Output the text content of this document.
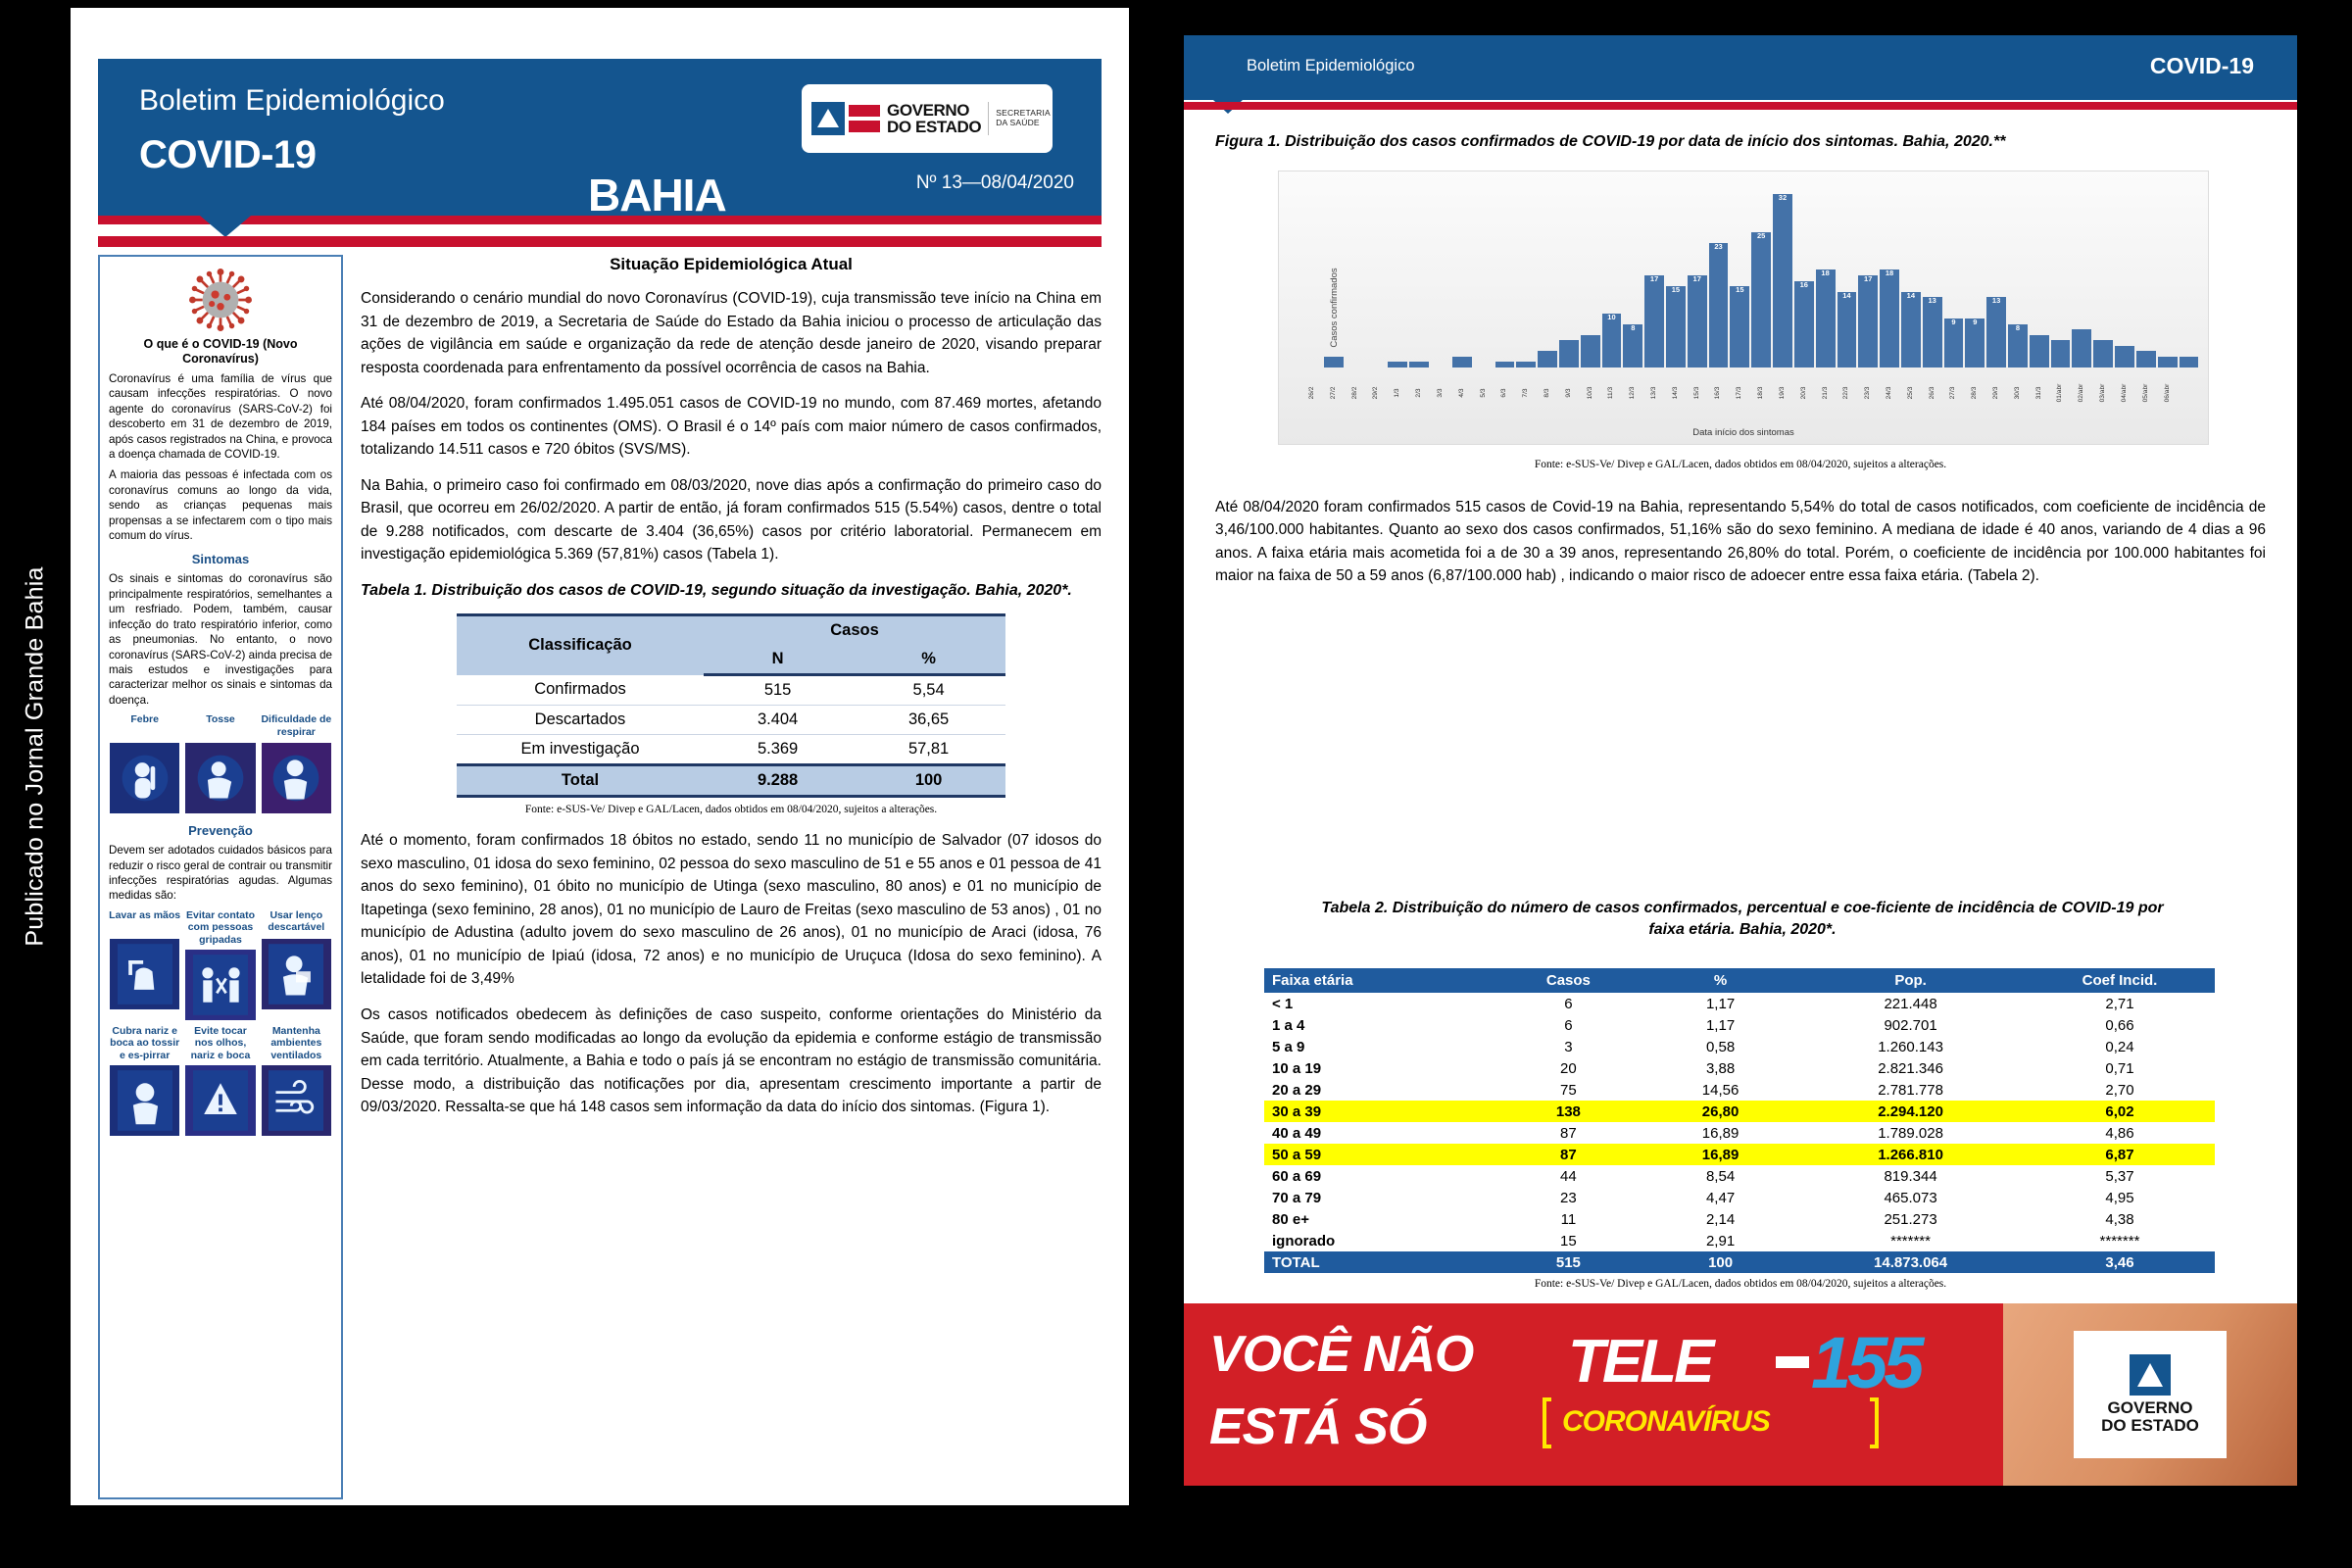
Publicado no Jornal Grande Bahia
Boletim Epidemiológico
COVID-19
BAHIA
GOVERNO
DO ESTADO
SECRETARIA
DA SAÚDE
Nº 13—08/04/2020
O que é o COVID-19 (Novo Coronavírus)
Coronavírus é uma família de vírus que causam infecções respiratórias. O novo agente do coronavírus (SARS-CoV-2) foi descoberto em 31 de dezembro de 2019, após casos registrados na China, e provoca a doença chamada de COVID-19.
A maioria das pessoas é infectada com os coronavírus comuns ao longo da vida, sendo as crianças pequenas mais propensas a se infectarem com o tipo mais comum do vírus.
Sintomas
Os sinais e sintomas do coronavírus são principalmente respiratórios, semelhantes a um resfriado. Podem, também, causar infecção do trato respiratório inferior, como as pneumonias. No entanto, o novo coronavírus (SARS-CoV-2) ainda precisa de mais estudos e investigações para caracterizar melhor os sinais e sintomas da doença.
Febre	Tosse	Dificuldade de respirar
Prevenção
Devem ser adotados cuidados básicos para reduzir o risco geral de contrair ou transmitir infecções respiratórias agudas. Algumas medidas são:
Lavar as mãos Evitar contato com pessoas gripadas
Usar lenço descartável
Cubra nariz e boca ao tossir e es-pirrar
Evite tocar nos olhos, nariz e boca
Mantenha ambientes ventilados
Situação Epidemiológica Atual
Considerando o cenário mundial do novo Coronavírus (COVID-19), cuja transmissão teve início na China em 31 de dezembro de 2019, a Secretaria de Saúde do Estado da Bahia iniciou o processo de articulação das ações de vigilância em saúde e organização da rede de atenção desde janeiro de 2020, visando preparar resposta coordenada para enfrentamento da possível ocorrência de casos na Bahia.
Até 08/04/2020, foram confirmados 1.495.051 casos de COVID-19 no mundo, com 87.469 mortes, afetando 184 países em todos os continentes (OMS). O Brasil é o 14º país com maior número de casos confirmados, totalizando 14.511 casos e 720 óbitos (SVS/MS).
Na Bahia, o primeiro caso foi confirmado em 08/03/2020, nove dias após a confirmação do primeiro caso do Brasil, que ocorreu em 26/02/2020. A partir de então, já foram confirmados 515 (5.54%) casos, dentre o total de 9.288 notificados, com descarte de 3.404 (36,65%) casos por critério laboratorial. Permanecem em investigação epidemiológica 5.369 (57,81%) casos (Tabela 1).
Tabela 1. Distribuição dos casos de COVID-19, segundo situação da investigação. Bahia, 2020*.
Classificação	Casos	
	N	%
Confirmados	515	5,54
Descartados	3.404	36,65
Em investigação	5.369	57,81
Total	9.288	100
Fonte: e-SUS-Ve/ Divep e GAL/Lacen, dados obtidos em 08/04/2020, sujeitos a alterações.
Até o momento, foram confirmados 18 óbitos no estado, sendo 11 no município de Salvador (07 idosos do sexo masculino, 01 idosa do sexo feminino, 02 pessoa do sexo masculino de 51 e 55 anos e 01 pessoa de 41 anos do sexo feminino), 01 óbito no município de Utinga (sexo masculino, 80 anos) e 01 no município de Itapetinga (sexo feminino, 28 anos), 01 no município de Lauro de Freitas (sexo masculino de 53 anos) , 01 no município de Adustina (adulto jovem do sexo masculino de 26 anos), 01 no município de Araci (idosa, 76 anos), 01 no município de Ipiaú (idosa, 72 anos) e no município de Uruçuca (Idosa do sexo feminino). A letalidade foi de 3,49%
Os casos notificados obedecem às definições de caso suspeito, conforme orientações do Ministério da Saúde, que foram sendo modificadas ao longo da evolução da epidemia e conforme estágio de transmissão em cada território. Atualmente, a Bahia e todo o país já se encontram no estágio de transmissão comunitária. Desse modo, a distribuição das notificações por dia, apresentam crescimento importante a partir de 09/03/2020. Ressalta-se que há 148 casos sem informação da data do início dos sintomas. (Figura 1).
Boletim Epidemiológico	COVID-19
Figura 1. Distribuição dos casos confirmados de COVID-19 por data de início dos sintomas. Bahia, 2020.**
Casos confirmados	10
8
17
15
17
23
15
25
32
16
18
14
17
18
14
13
9 9
13
8
26/2	27/2	28/2	29/2	1/3	2/3	3/3	4/3	5/3	6/3	7/3	8/3	9/3	10/3	11/3	12/3	13/3	14/3	15/3	16/3	17/3	18/3	19/3	20/3	21/3	22/3	23/3	24/3	25/3	26/3	27/3	28/3	29/3	30/3	31/3	01/abr	02/abr	03/abr	04/abr	05/abr	06/abr
Data início dos sintomas
Fonte: e-SUS-Ve/ Divep e GAL/Lacen, dados obtidos em 08/04/2020, sujeitos a alterações.
Até 08/04/2020 foram confirmados 515 casos de Covid-19 na Bahia, representando 5,54% do total de casos notificados, com coeficiente de incidência de 3,46/100.000 habitantes. Quanto ao sexo dos casos confirmados, 51,16% são do sexo feminino. A mediana de idade é 40 anos, variando de 4 dias a 96 anos. A faixa etária mais acometida foi a de 30 a 39 anos, representando 26,80% do total. Porém, o coeficiente de incidência por 100.000 habitantes foi maior na faixa de 50 a 59 anos (6,87/100.000 hab) , indicando o maior risco de adoecer entre essa faixa etária. (Tabela 2).
Tabela 2. Distribuição do número de casos confirmados, percentual e coe-ficiente de incidência de COVID-19 por faixa etária. Bahia, 2020*.
Faixa etária	Casos	%	Pop.	Coef Incid.
< 1	6	1,17	221.448	2,71
1 a 4	6	1,17	902.701	0,66
5 a 9	3	0,58	1.260.143	0,24
10 a 19	20	3,88	2.821.346	0,71
20 a 29	75	14,56	2.781.778	2,70
30 a 39	138	26,80	2.294.120	6,02
40 a 49	87	16,89	1.789.028	4,86
50 a 59	87	16,89	1.266.810	6,87
60 a 69	44	8,54	819.344	5,37
70 a 79	23	4,47	465.073	4,95
80 e+	11	2,14	251.273	4,38
ignorado	15	2,91	*******	*******
TOTAL	515	100	14.873.064	3,46
Fonte: e-SUS-Ve/ Divep e GAL/Lacen, dados obtidos em 08/04/2020, sujeitos a alterações.
VOCÊ NÃO
ESTÁ SÓ
TELE 155
CORONAVÍRUS	GOVERNO
DO ESTADO
